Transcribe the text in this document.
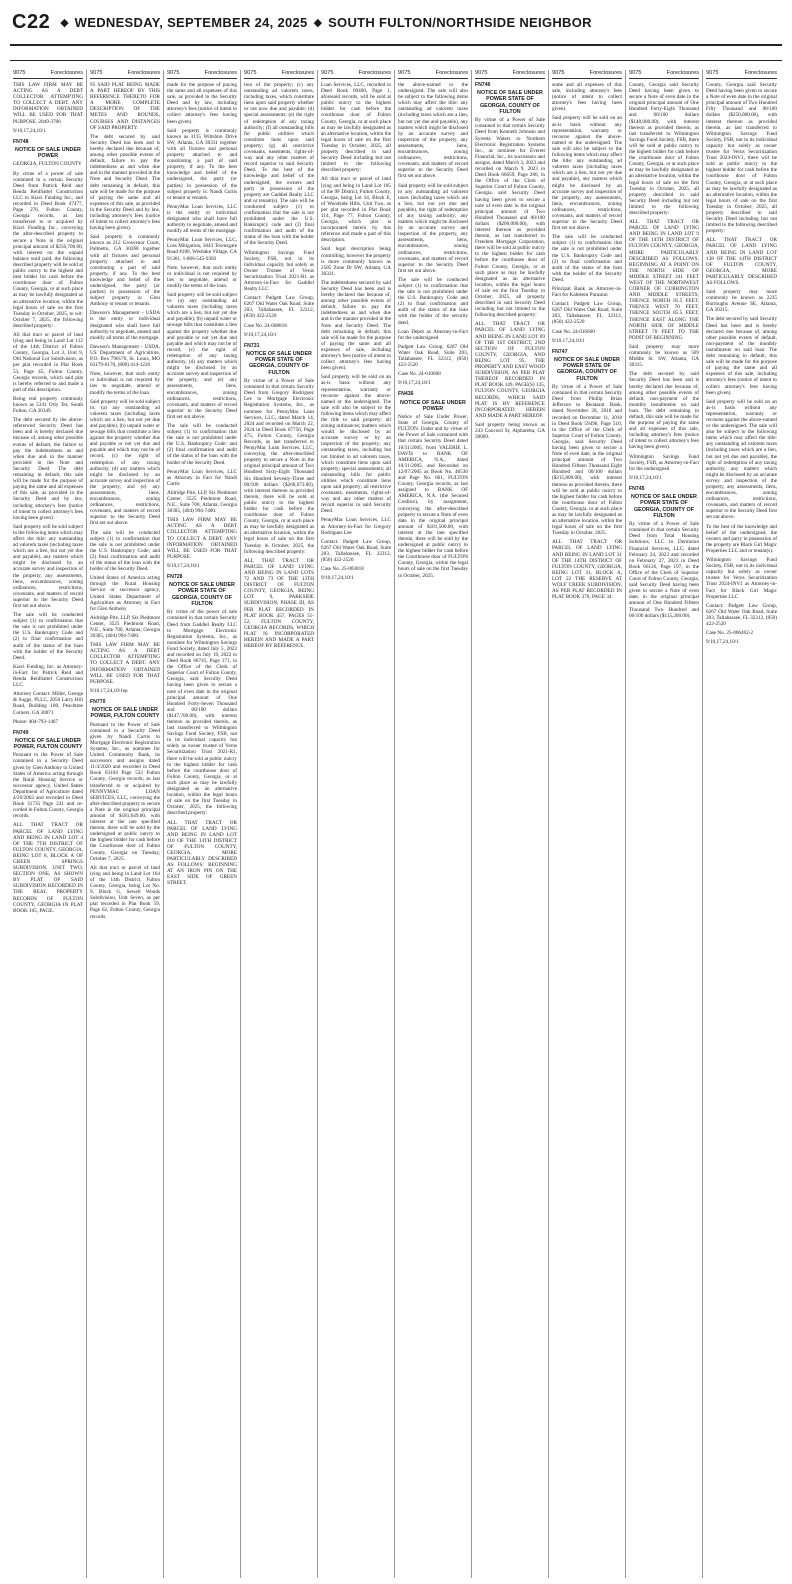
C22 ◆ WEDNESDAY, SEPTEMBER 24, 2025 ◆ SOUTH FULTON/NORTHSIDE NEIGHBOR
9075	Foreclosures

THIS LAW FIRM MAY BE ACTING AS A DEBT COLLECTOR ATTEMPTING TO COLLECT A DEBT. ANY INFORMATION OBTAINED WILL BE USED FOR THAT PURPOSE. 2049-3706

9/10,17,24,10/1

FN748
NOTICE OF SALE UNDER POWER

GEORGIA, FULTON COUNTY

By virtue of a power of sale contained in a certain Security Deed from Patrick Reid and Renda ReidSattel Construction LLC to Kiavi Funding Inc., and recorded in Deed Book 47477, Page 276, Fulton County, Georgia records, as last transferred to or acquired by Kiavi Funding Inc., conveying the after-described property to secure a Note in the original principal amount of $256,700.00, with interest on the unpaid balance until paid, the following described property will be sold at public outcry to the highest and best bidder for cash before the courthouse door of Fulton County, Georgia, or at such place as may be lawfully designated as an alternative location, within the legal hours of sale on the first Tuesday in October, 2025, to wit: October 7, 2025, the following described property:

All that tract or parcel of land lying and being in Land Lot 112 of the 14th District of Fulton County, Georgia, Lot 3, Unit 9, Old National Lot Subdivision, as per plat recorded in Plat Book 53, Page 45, Fulton County, Georgia records, which said plat is hereby referred to and made a part of this description.

Being real property commonly known as 5341 Orly Ter, South Fulton, GA 30349.

The debt secured by the above-referenced Security Deed has been and is hereby declared due because of, among other possible events of default, the failure to pay the indebtedness as and when due and in the manner provided in the Note and Security Deed. The debt remaining in default, this sale will be made for the purpose of paying the same and all expenses of this sale, as provided in the Security Deed and by law, including attorney's fees (notice of intent to collect attorney's fees having been given).

Said property will be sold subject to the following items which may affect the title: any outstanding ad valorem taxes (including taxes which are a lien, but not yet due and payable), any matters which might be disclosed by an accurate survey and inspection of the property, any assessments, liens, encumbrances, zoning ordinances, restrictions, covenants, and matters of record superior to the Security Deed first set out above.

The sale will be conducted subject (1) to confirmation that the sale is not prohibited under the U.S. Bankruptcy Code and (2) to final confirmation and audit of the status of the loan with the holder of the Security Deed.

Kiavi Funding, Inc. as Attorney-in-Fact for Patrick Reid and Renda ReidSattel Construction LLC

Attorney Contact: Miller, George & Suggs, PLLC, 2050 Larry Hill Road, Building 100, Peachtree Corners, GA 30071

Phone: 404-793-1467

FN749
NOTICE OF SALE UNDER POWER, FULTON COUNTY

Pursuant to the Power of Sale contained in a Security Deed given by Glen Anthony to United States of America acting through the Rural Housing Service or successor agency, United States Department of Agriculture dated 4/26/2003 and recorded in Deed Book 31735 Page 241 and re-corded in Fulton County, Georgia records.

ALL THAT TRACT OR PARCEL OF LAND LYING AND BEING IN LAND LOT 4 OF THE 7TH DISTRICT OF FULTON COUNTY, GEORGIA, BEING LOT 8, BLOCK A OF GREEN SPRINGS SUBDIVISION, UNIT TWO, SECTION ONE, AS SHOWN BY PLAT OF SAID SUBDIVISION RECORDED IN THE REAL PROPERTY RECORDS OF FULTON COUNTY, GEORGIA IN PLAT BOOK 105, PAGE.

9075	Foreclosures

95 SAID PLAT BEING MADE A PART HEREOF BY THIS REFERENCE THERETO FOR A MORE COMPLETE DESCRIPTION OF THE METES AND BOUNDS, COURSES AND DISTANCES OF SAID PROPERTY.

The debt secured by said Security Deed has been and is hereby declared due because of, among other possible events of default, failure to pay the indebtedness as and when due and in the manner provided in the Note and Security Deed. The debt remaining in default, this sale will be made for the purpose of paying the same and all expenses of this sale, as provided in the Security Deed and by law, including attorney's fees (notice of intent to collect attorney's fees having been given).

Said property is commonly known as 212 Grosvenor Court, Palmetto, GA 30268 together with all fixtures and personal property attached to and constituting a part of said property, if any. To the best knowledge and belief of the undersigned, the party (or parties) in possession of the subject property is: Glen Anthony or tenant or tenants.

Dawson's Management - USDA is the entity or individual designated who shall have full authority to negotiate, amend and modify all terms of the mortgage.

Dawson's Management - USDA, US Department of Agriculture, P.O. Box 790170, St. Louis, MO 63179-0170, (800) 414-1226

Note, however, that such entity or individual is not required by law to negotiate, amend or modify the terms of the loan.

Said property will be sold subject to: (a) any outstanding ad valorem taxes (including taxes which are a lien, but not yet due and payable), (b) unpaid water or sewage bills that constitute a lien against the property whether due and payable or not yet due and payable and which may not be of record, (c) the right of redemption of any taxing authority, (d) any matters which might be disclosed by an accurate survey and inspection of the property, and (e) any assessments, liens, encumbrances, zoning ordinances, restrictions, covenants, and matters of record superior to the Security Deed first set out above.

The sale will be conducted subject (1) to confirmation that the sale is not prohibited under the U.S. Bankruptcy Code; and (2) final confirmation and audit of the status of the loan with the holder of the Security Deed.

United States of America acting through the Rural Housing Service or successor agency, United States Department of Agriculture as Attorney in Fact for Glen Anthony

Aldridge Pite, LLP, Six Piedmont Center, 3525 Piedmont Road, N.E., Suite 700, Atlanta, Georgia 30305, (404) 994-7400.

THIS LAW FIRM MAY BE ACTING AS A DEBT COLLECTOR ATTEMPTING TO COLLECT A DEBT. ANY INFORMATION OBTAINED WILL BE USED FOR THAT PURPOSE.

9/10,17,24,10/1ep

FN770
NOTICE OF SALE UNDER POWER, FULTON COUNTY

Pursuant to the Power of Sale contained in a Security Deed given by Nandi Curtis to Mortgage Electronic Registration Systems, Inc., as nominee for United Community Bank, its successors and assigns dated 11/4/2020 and recorded in Deed Book 63104 Page 533 Fulton County, Georgia records; as last transferred to or acquired by PENNYMAC LOAN SERVICES, LLC, conveying the after-described property to secure a Note in the original principal amount of $181,649.00, with interest at the rate specified therein, there will be sold by the undersigned at public outcry to the highest bidder for cash before the Courthouse door of Fulton County, Georgia on Tuesday, October 7, 2025.

All that tract or parcel of land lying and being in Land Lot 164 of the 14th District, Fulton County, Georgia, being Lot No. 9, Block G, Sewell Woods Subdivision, Unit Seven, as per plat recorded in Plat Book 59, Page 62, Fulton County, Georgia records.

9075	Foreclosures

made for the purpose of paying the same and all expenses of this sale, as provided in the Security Deed and by law, including attorney's fees (notice of intent to collect attorney's fees having been given).

Said property is commonly known as 3115 Wiltshire Drive SW, Atlanta, GA 30331 together with all fixtures and personal property attached to and constituting a part of said property, if any. To the best knowledge and belief of the undersigned, the party (or parties) in possession of the subject property is: Nandi Curtis or tenant or tenants.

PennyMac Loan Services, LLC is the entity or individual designated who shall have full authority to negotiate, amend and modify all terms of the mortgage.

PennyMac Loan Services, LLC, Loss Mitigation, 3043 Townsgate Road #200, Westlake Village, CA 91361, 1-866-545-9383

Note, however, that such entity or individual is not required by law to negotiate, amend or modify the terms of the loan.

Said property will be sold subject to: (a) any outstanding ad valorem taxes (including taxes which are a lien, but not yet due and payable), (b) unpaid water or sewage bills that constitute a lien against the property whether due and payable or not yet due and payable and which may not be of record, (c) the right of redemption of any taxing authority, (d) any matters which might be disclosed by an accurate survey and inspection of the property, and (e) any assessments, liens, encumbrances, zoning ordinances, restrictions, covenants, and matters of record superior to the Security Deed first set out above.

The sale will be conducted subject (1) to confirmation that the sale is not prohibited under the U.S. Bankruptcy Code; and (2) final confirmation and audit of the status of the loan with the holder of the Security Deed.

PennyMac Loan Services, LLC as Attorney in Fact for Nandi Curtis

Aldridge Pite, LLP, Six Piedmont Center, 3525 Piedmont Road, N.E., Suite 700, Atlanta, Georgia 30305, (404) 994-7400.

THIS LAW FIRM MAY BE ACTING AS A DEBT COLLECTOR ATTEMPTING TO COLLECT A DEBT. ANY INFORMATION OBTAINED WILL BE USED FOR THAT PURPOSE.

9/10,17,24,10/1

FN728
NOTICE OF SALE UNDER POWER STATE OF GEORGIA, COUNTY OF FULTON

By virtue of the power of sale contained in that certain Security Deed from Gaddiel Realty LLC to Mortgage Electronic Registration Systems, Inc., as nominee for Wilmington Savings Fund Society, dated July 5, 2022 and recorded on July 19, 2022 in Deed Book 66745, Page 171, in the Office of the Clerk of Superior Court of Fulton County, Georgia, said Security Deed having been given to secure a note of even date in the original principal amount of One Hundred Forty-Seven Thousand and 00/100 dollars ($147,700.00), with interest thereon as provided therein, as last transferred to Wilmington Savings Fund Society, FSB, not in its individual capacity but solely as owner trustee of Verus Securitization Trust 2021-R1, there will be sold at public outcry to the highest bidder for cash before the courthouse door of Fulton County, Georgia, or at such place as may be lawfully designated as an alternative location, within the legal hours of sale on the first Tuesday in October, 2025, the following described property:

ALL THAT TRACT OR PARCEL OF LAND LYING AND BEING IN LAND LOT 110 OF THE 14TH DISTRICT OF FULTON COUNTY, GEORGIA, MORE PARTICULARLY DESCRIBED AS FOLLOWS: BEGINNING AT AN IRON PIN ON THE EAST SIDE OF GREEN STREET.

9075	Foreclosures

tion of the property; (c) any outstanding ad valorem taxes, including taxes, which constitute liens upon said property whether or not now due and payable; (d) special assessments; (e) the right of redemption of any taxing authority; (f) all outstanding bills for public utilities which constitute liens upon said property; (g) all restrictive covenants, easements, rights-of-way and any other matters of record superior to said Security Deed. To the best of the knowledge and belief of the undersigned, the owners and party in possession of the property are Gaddiel Realty LLC and or tenant(s). The sale will be conducted subject (1) to confirmation that the sale is not prohibited under the U.S. Bankruptcy code and (2) final confirmation and audit of the status of the loan with the holder of the Security Deed.

Wilmington Savings Fund Society, FSB, not in its individual capacity but solely as Owner Trustee of Verus Securitization Trust 2021-R1 as Attorney-in-Fact for Gaddiel Realty LLC

Contact: Padgett Law Group, 6267 Old Water Oak Road, Suite 203, Tallahassee, FL 32312, (850) 422-2520

Case No. 24-008818

9/10,17,24,10/1

FN731
NOTICE OF SALE UNDER POWER STATE OF GEORGIA, COUNTY OF FULTON

By virtue of a Power of Sale contained in that certain Security Deed from Gregory Rodriguez Lee to Mortgage Electronic Registration Systems, Inc., as nominee for PennyMac Loan Services, LLC, dated March 14, 2024 and recorded on March 22, 2024 in Deed Book 67756, Page 475, Fulton County, Georgia Records, as last transferred to PennyMac Loan Services, LLC, conveying the after-described property to secure a Note in the original principal amount of Two Hundred Sixty-Eight Thousand Six Hundred Seventy-Three and 00/100 dollars ($268,673.00), with interest thereon as provided therein, there will be sold at public outcry to the highest bidder for cash before the courthouse door of Fulton County, Georgia, or at such place as may be lawfully designated as an alternative location, within the legal hours of sale on the first Tuesday in October, 2025, the following described property:

ALL THAT TRACT OR PARCEL OF LAND LYING AND BEING IN LAND LOTS 72 AND 73 OF THE 13TH DISTRICT OF FULTON COUNTY, GEORGIA, BEING LOT 9, PARKSIDE SUBDIVISION, PHASE III, AS PER PLAT RECORDED IN PLAT BOOK 457, PAGES 51-52, FULTON COUNTY, GEORGIA RECORDS, WHICH PLAT IS INCORPORATED HEREIN AND MADE A PART HEREOF BY REFERENCE.

9075	Foreclosures

Loan Services, LLC, recorded in Deed Book 69400, Page 1, aforesaid records, will be sold at public outcry to the highest bidder for cash before the courthouse door of Fulton County, Georgia, or at such place as may be lawfully designated as an alternative location, within the legal hours of sale on the first Tuesday in October, 2025, all property described in said Security Deed including but not limited to the following described property:

All that tract or parcel of land lying and being in Land Lot 105 of the 9F District, Fulton County, Georgia, being Lot 34, Block E, of Woodside Hills, Unit Two, as per plat recorded in Plat Book 114, Page 77, Fulton County, Georgia, which plat is incorporated herein by this reference and made a part of this description.

Said legal description being controlling, however the property is more commonly known as 2585 Zone Dr SW, Atlanta, GA 30331.

The indebtedness secured by said Security Deed has been and is hereby declared due because of, among other possible events of default, failure to pay the indebtedness as and when due and in the manner provided in the Note and Security Deed. The debt remaining in default, this sale will be made for the purpose of paying the same and all expenses of sale, including attorney's fees (notice of intent to collect attorney's fees having been given).

Said property will be sold on an as-is basis without any representation, warranty or recourse against the above-named or the undersigned. The sale will also be subject to the following items which may affect the title to said property: all zoning ordinances; matters which would be disclosed by an accurate survey or by an inspection of the property; any outstanding taxes, including but not limited to ad valorem taxes, which constitute liens upon said property; special assessments; all outstanding bills for public utilities which constitute liens upon said property; all restrictive covenants, easements, rights-of-way and any other matters of record superior to said Security Deed.

PennyMac Loan Services, LLC as Attorney-in-Fact for Gregory Rodriguez Lee

Contact: Padgett Law Group, 6267 Old Water Oak Road, Suite 203, Tallahassee, FL 32312, (850) 422-2520

Case No. 25-003818

9/10,17,24,10/1

9075	Foreclosures

the above-named or the undersigned. The sale will also be subject to the following items which may affect the title: any outstanding ad valorem taxes (including taxes which are a lien, but not yet due and payable), any matters which might be disclosed by an accurate survey and inspection of the property, any assessments, liens, encumbrances, zoning ordinances, restrictions, covenants, and matters of record superior to the Security Deed first set out above.

Said property will be sold subject to any outstanding ad valorem taxes (including taxes which are a lien, but not yet due and payable), the right of redemption of any taxing authority, any matters which might be disclosed by an accurate survey and inspection of the property, any assessments, liens, encumbrances, zoning ordinances, restrictions, covenants, and matters of record superior to the Security Deed first set out above.

The sale will be conducted subject (1) to confirmation that the sale is not prohibited under the U.S. Bankruptcy Code and (2) to final confirmation and audit of the status of the loan with the holder of the security deed.

Loan Depot as Attorney-in-Fact for the undersigned

Padgett Law Group, 6267 Old Water Oak Road, Suite 203, Tallahassee, FL 32312, (850) 422-2520

Case No. 24-010608

9/10,17,24,10/1

FN436
NOTICE OF SALE UNDER POWER

Notice of Sale Under Power, State of Georgia, County of FULTON. Under and by virtue of the Power of Sale contained with that certain Security Deed dated 10/31/2005, from VALERIE L. DAVIS to BANK OF AMERICA, N.A., dated 10/31/2005, and Recorded on 12/07/2005 as Book No. 40530 and Page No. 661, FULTON County, Georgia records, as last assigned to BANK OF AMERICA, N.A. (the Secured Creditor), by assignment, conveying the after-described property to secure a Note of even date in the original principal amount of $101,500.00, with interest at the rate specified therein, there will be sold by the undersigned at public outcry to the highest bidder for cash before the Courthouse door of FULTON County, Georgia, within the legal hours of sale on the first Tuesday in October, 2025.

9075	Foreclosures
FN746
NOTICE OF SALE UNDER POWER STATE OF GEORGIA, COUNTY OF FULTON

By virtue of a Power of Sale contained in that certain Security Deed from Kenneth Johnson and Syreeta Waters to Northern Electronic Registration Systems Inc., as nominee for Everett Financial, Inc., its successors and assigns, dated March 3, 2023 and recorded on March 9, 2023 in Deed Book 66659, Page 280, in the Office of the Clerk of Superior Court of Fulton County, Georgia, said Security Deed having been given to secure a note of even date in the original principal amount of Two Hundred Thousand and 00/100 dollars ($200,000.00), with interest thereon as provided therein, as last transferred to Freedom Mortgage Corporation, there will be sold at public outcry to the highest bidder for cash before the courthouse door of Fulton County, Georgia, or at such place as may be lawfully designated as an alternative location, within the legal hours of sale on the first Tuesday in October, 2025, all property described in said Security Deed including but not limited to the following described property:

ALL THAT TRACT OR PARCEL OF LAND LYING AND BEING IN LAND LOT 69 OF THE 1ST DISTRICT, 2ND SECTION OF FULTON COUNTY, GEORGIA, AND BEING LOT 95, THE PROPERTY AND EAST WOOD SUBDIVISION, AS PER PLAT THEREOF RECORDED IN PLAT BOOK 149, PAGE(S) 135, FULTON COUNTY, GEORGIA RECORDS, WHICH SAID PLAT IS BY REFERENCE INCORPORATED HEREIN AND MADE A PART HEREOF.

Said property being known as 243 Concord St, Alpharetta, GA 30009.

9075	Foreclosures

some and all expenses of this sale, including attorney's fees (notice of intent to collect attorney's fees having been given).

Said property will be sold on an as-is basis without any representation, warranty or recourse against the above-named or the undersigned. The sale will also be subject to the following items which may affect the title: any outstanding ad valorem taxes (including taxes which are a lien, but not yet due and payable), any matters which might be disclosed by an accurate survey and inspection of the property, any assessments, liens, encumbrances, zoning ordinances, restrictions, covenants, and matters of record superior to the Security Deed first set out above.

The sale will be conducted subject (1) to confirmation that the sale is not prohibited under the U.S. Bankruptcy Code and (2) to final confirmation and audit of the status of the loan with the holder of the Security Deed.

Principal Bank as Attorney-in-Fact for Kahleem Punzaini

Contact: Padgett Law Group, 6267 Old Water Oak Road, Suite 203, Tallahassee, FL 32312, (850) 422-2520

Case No. 24-016660

9/10,17,24,10/1

FN747
NOTICE OF SALE UNDER POWER STATE OF GEORGIA, COUNTY OF FULTON

By virtue of a Power of Sale contained in that certain Security Deed from Phillip Brian Jefferson to Renasant Bank, dated November 28, 2018 and recorded on December 11, 2018 in Deed Book 59496, Page 510, in the Office of the Clerk of Superior Court of Fulton County, Georgia, said Security Deed having been given to secure a Note of even date, in the original principal amount of Two Hundred Fifteen Thousand Eight Hundred and 00/100 dollars ($215,800.00), with interest thereon as provided therein, there will be sold at public outcry to the highest bidder for cash before the courthouse door of Fulton County, Georgia, or at such place as may be lawfully designated as an alternative location, within the legal hours of sale on the first Tuesday in October, 2025.

ALL THAT TRACT OR PARCEL OF LAND LYING AND BEING IN LAND LOT 31 OF THE 14TH DISTRICT OF FULTON COUNTY, GEORGIA, BEING LOT 31, BLOCK A, LOT 22 THE RESERVE AT WOLF CREEK SUBDIVISION, AS PER PLAT RECORDED IN PLAT BOOK 370, PAGE 34.

9075	Foreclosures

County, Georgia said Security Deed having been given to secure a Note of even date in the original principal amount of One Hundred Forty-Eight Thousand and 00/100 dollars ($148,000.00), with interest thereon as provided therein, as last transferred to Wilmington Savings Fund Society, FSB, there will be sold at public outcry to the highest bidder for cash before the courthouse door of Fulton County, Georgia, or at such place as may be lawfully designated as an alternative location, within the legal hours of sale on the first Tuesday in October, 2025, all property described in said Security Deed including but not limited to the following described property:

ALL THAT TRACT OR PARCEL OF LAND LYING AND BEING IN LAND LOT 9 OF THE 14TH DISTRICT OF FULTON COUNTY, GEORGIA, MORE PARTICULARLY DESCRIBED AS FOLLOWS: BEGINNING AT A POINT ON THE NORTH SIDE OF MIDDLE STREET 241 FEET WEST OF THE NORTHWEST CORNER OF CURRINGTON AND MIDDLE STREETS; THENCE NORTH 85.5 FEET; THENCE WEST 70 FEET; THENCE SOUTH 85.5 FEET; THENCE EAST ALONG THE NORTH SIDE OF MIDDLE STREET 70 FEET TO THE POINT OF BEGINNING.

Said property may more commonly be known as 569 Middle St. SW, Atlanta, GA 30315.

The debt secured by said Security Deed has been and is hereby declared due because of, among other possible events of default, non-payment of the monthly installments on said loan. The debt remaining in default, this sale will be made for the purpose of paying the same and all expenses of this sale, including attorney's fees (notice of intent to collect attorney's fees having been given).

Wilmington Savings Fund Society, FSB, as Attorney-in-Fact for the undersigned

9/10,17,24,10/1

FN745
NOTICE OF SALE UNDER POWER STATE OF GEORGIA, COUNTY OF FULTON

By virtue of a Power of Sale contained in that certain Security Deed from Total Housing Solutions, LLC to Dominion Financial Services, LLC, dated February 24, 2023 and recorded on February 27, 2023 in Deed Book 66126, Page 197, in the Office of the Clerk of Superior Court of Fulton County, Georgia, said Security Deed having been given to secure a Note of even date, in the original principal amount of One Hundred Fifteen Thousand Two Hundred and 00/100 dollars ($115,200.00).

9075	Foreclosures

County, Georgia said Security Deed having been given to secure a Note of even date in the original principal amount of Two Hundred Fifty Thousand and 00/100 dollars ($250,000.00), with interest thereon as provided therein, as last transferred to Wilmington Savings Fund Society, FSB, not in its individual capacity but solely as owner trustee for Verus Securitization Trust 2024-INV1, there will be sold at public outcry to the highest bidder for cash before the courthouse door of Fulton County, Georgia, or at such place as may be lawfully designated as an alternative location, within the legal hours of sale on the first Tuesday in October, 2025, all property described in said Security Deed including but not limited to the following described property:

ALL THAT TRACT OR PARCEL OF LAND LYING AND BEING IN LAND LOT 138 OF THE 14TH DISTRICT OF FULTON COUNTY, GEORGIA, MORE PARTICULARLY DESCRIBED AS FOLLOWS.

Said property may more commonly be known as 2235 Burroughs Avenue SE, Atlanta, GA 30315.

The debt secured by said Security Deed has been and is hereby declared due because of, among other possible events of default, non-payment of the monthly installments on said loan. The debt remaining in default, this sale will be made for the purpose of paying the same and all expenses of this sale, including attorney's fees (notice of intent to collect attorney's fees having been given).

Said property will be sold on an as-is basis without any representation, warranty or recourse against the above-named or the undersigned. The sale will also be subject to the following items which may affect the title: any outstanding ad valorem taxes (including taxes which are a lien, but not yet due and payable), the right of redemption of any taxing authority, any matters which might be disclosed by an accurate survey and inspection of the property, any assessments, liens, encumbrances, zoning ordinances, restrictions, covenants, and matters of record superior to the Security Deed first set out above.

To the best of the knowledge and belief of the undersigned, the owners and party in possession of the property are Black Girl Magic Properties LLC and or tenant(s).

Wilmington Savings Fund Society, FSB, not in its individual capacity but solely as owner trustee for Verus Securitization Trust 2024-INV1 as Attorney-in-Fact for Black Girl Magic Properties LLC

Contact: Padgett Law Group, 6267 Old Water Oak Road, Suite 203, Tallahassee, FL 32312, (850) 422-2520

Case No. 25-006402-2

9/10,17,24,10/1
